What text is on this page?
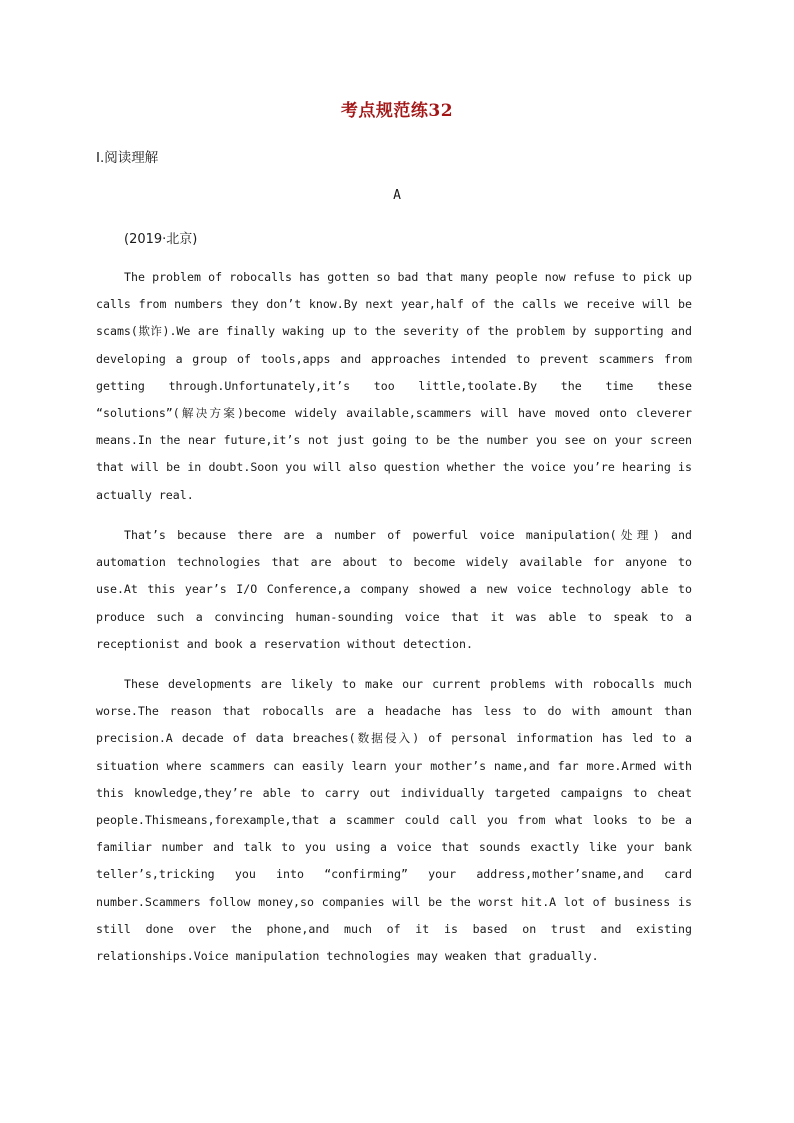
考点规范练32
Ⅰ.阅读理解
A
(2019·北京)

The problem of robocalls has gotten so bad that many people now refuse to pick up calls from numbers they don’t know.By next year,half of the calls we receive will be scams(欺诈).We are finally waking up to the severity of the problem by supporting and developing a group of tools,apps and approaches intended to prevent scammers from getting through.Unfortunately,it’s too little,toolate.By the time these “solutions”(解决方案)become widely available,scammers will have moved onto cleverer means.In the near future,it’s not just going to be the number you see on your screen that will be in doubt.Soon you will also question whether the voice you’re hearing is actually real.

That’s because there are a number of powerful voice manipulation(处理) and automation technologies that are about to become widely available for anyone to use.At this year’s I/O Conference,a company showed a new voice technology able to produce such a convincing human-sounding voice that it was able to speak to a receptionist and book a reservation without detection.

These developments are likely to make our current problems with robocalls much worse.The reason that robocalls are a headache has less to do with amount than precision.A decade of data breaches(数据侵入) of personal information has led to a situation where scammers can easily learn your mother’s name,and far more.Armed with this knowledge,they’re able to carry out individually targeted campaigns to cheat people.Thismeans,forexample,that a scammer could call you from what looks to be a familiar number and talk to you using a voice that sounds exactly like your bank teller’s,tricking you into “confirming” your address,mother’sname,and card number.Scammers follow money,so companies will be the worst hit.A lot of business is still done over the phone,and much of it is based on trust and existing relationships.Voice manipulation technologies may weaken that gradually.
